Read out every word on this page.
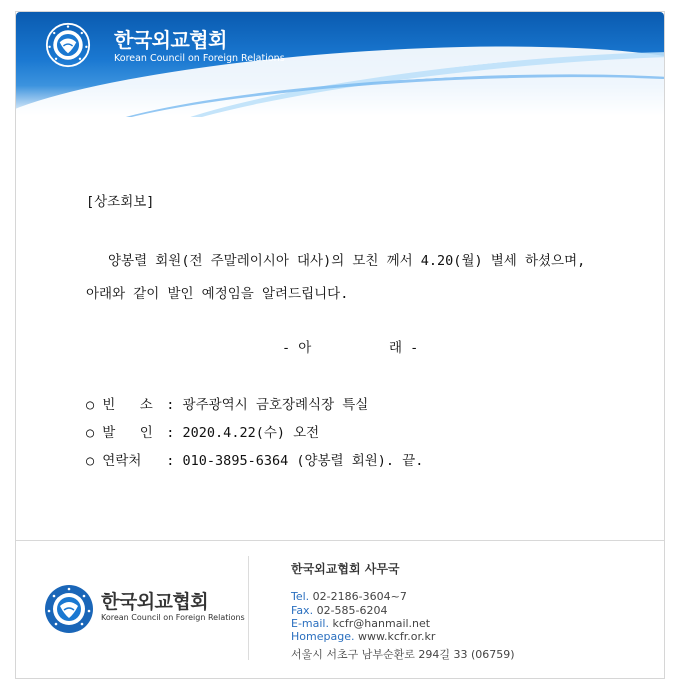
한국외교협회
Korean Council on Foreign Relations
[상조회보]
양봉렬 회원(전 주말레이시아 대사)의 모친 께서 4.20(월) 별세 하셨으며,
아래와 같이 발인 예정임을 알려드립니다.
- 아	래 -
○ 빈   소 : 광주광역시 금호장례식장 특실
○ 발   인 : 2020.4.22(수) 오전
○ 연락처 : 010-3895-6364 (양봉렬 회원). 끝.
한국외교협회
Korean Council on Foreign Relations
한국외교협회 사무국
Tel. 02-2186-3604~7
Fax. 02-585-6204
E-mail. kcfr@hanmail.net
Homepage. www.kcfr.or.kr
서울시 서초구 남부순환로 294길 33 (06759)
